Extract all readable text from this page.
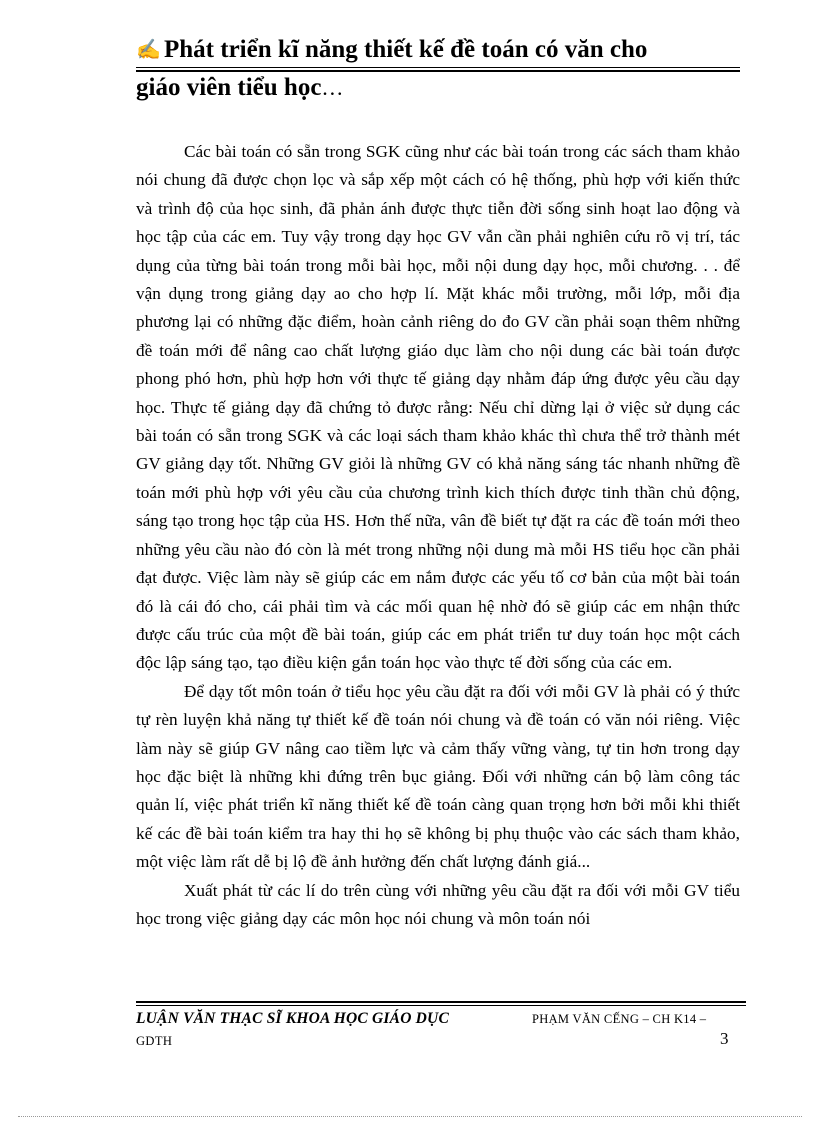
✍ Phát triển kĩ năng thiết kế đề toán có văn cho
giáo viên tiểu học…

Các bài toán có sẵn trong SGK cũng như các bài toán trong các sách tham khảo nói chung đã được chọn lọc và sắp xếp một cách có hệ thống, phù hợp với kiến thức và trình độ của học sinh, đã phản ánh được thực tiễn đời sống sinh hoạt lao động và học tập của các em. Tuy vậy trong dạy học GV vẫn cần phải nghiên cứu rõ vị trí, tác dụng của từng bài toán trong mỗi bài học, mỗi nội dung dạy học, mỗi chương. . . để vận dụng trong giảng dạy ao cho hợp lí. Mặt khác mỗi trường, mỗi lớp, mỗi địa phương lại có những đặc điểm, hoàn cảnh riêng do đo GV cần phải soạn thêm những đề toán mới để nâng cao chất lượng giáo dục làm cho nội dung các bài toán được phong phó hơn, phù hợp hơn với thực tế giảng dạy nhằm đáp ứng được yêu cầu dạy học. Thực tế giảng dạy đã chứng tỏ được rằng: Nếu chỉ dừng lại ở việc sử dụng các bài toán có sẵn trong SGK và các loại sách tham khảo khác thì chưa thể trở thành mét GV giảng dạy tốt. Những GV giỏi là những GV có khả năng sáng tác nhanh những đề toán mới phù hợp với yêu cầu của chương trình kich thích được tinh thần chủ động, sáng tạo trong học tập của HS. Hơn thế nữa, vân đề biết tự đặt ra các đề toán mới theo những yêu cầu nào đó còn là mét trong những nội dung mà mỗi HS tiểu học cần phải đạt được. Việc làm này sẽ giúp các em nắm được các yếu tố cơ bản của một bài toán đó là cái đó cho, cái phải tìm và các mối quan hệ nhờ đó sẽ giúp các em nhận thức được cấu trúc của một đề bài toán, giúp các em phát triển tư duy toán học một cách độc lập sáng tạo, tạo điều kiện gắn toán học vào thực tế đời sống của các em.

Để dạy tốt môn toán ở tiểu học yêu cầu đặt ra đối với mỗi GV là phải có ý thức tự rèn luyện khả năng tự thiết kế đề toán nói chung và đề toán có văn nói riêng. Việc làm này sẽ giúp GV nâng cao tiềm lực và cảm thấy vững vàng, tự tin hơn trong dạy học đặc biệt là những khi đứng trên bục giảng. Đối với những cán bộ làm công tác quản lí, việc phát triển kĩ năng thiết kế đề toán càng quan trọng hơn bởi mỗi khi thiết kế các đề bài toán kiểm tra hay thi họ sẽ không bị phụ thuộc vào các sách tham khảo, một việc làm rất dễ bị lộ đề ảnh hưởng đến chất lượng đánh giá...

Xuất phát từ các lí do trên cùng với những yêu cầu đặt ra đối với mỗi GV tiểu học trong việc giảng dạy các môn học nói chung và môn toán nói

LUẬN VĂN THẠC SĨ KHOA HỌC GIÁO DỤC	PHẠM VĂN CẾNG – CH K14 –
GDTH	3
